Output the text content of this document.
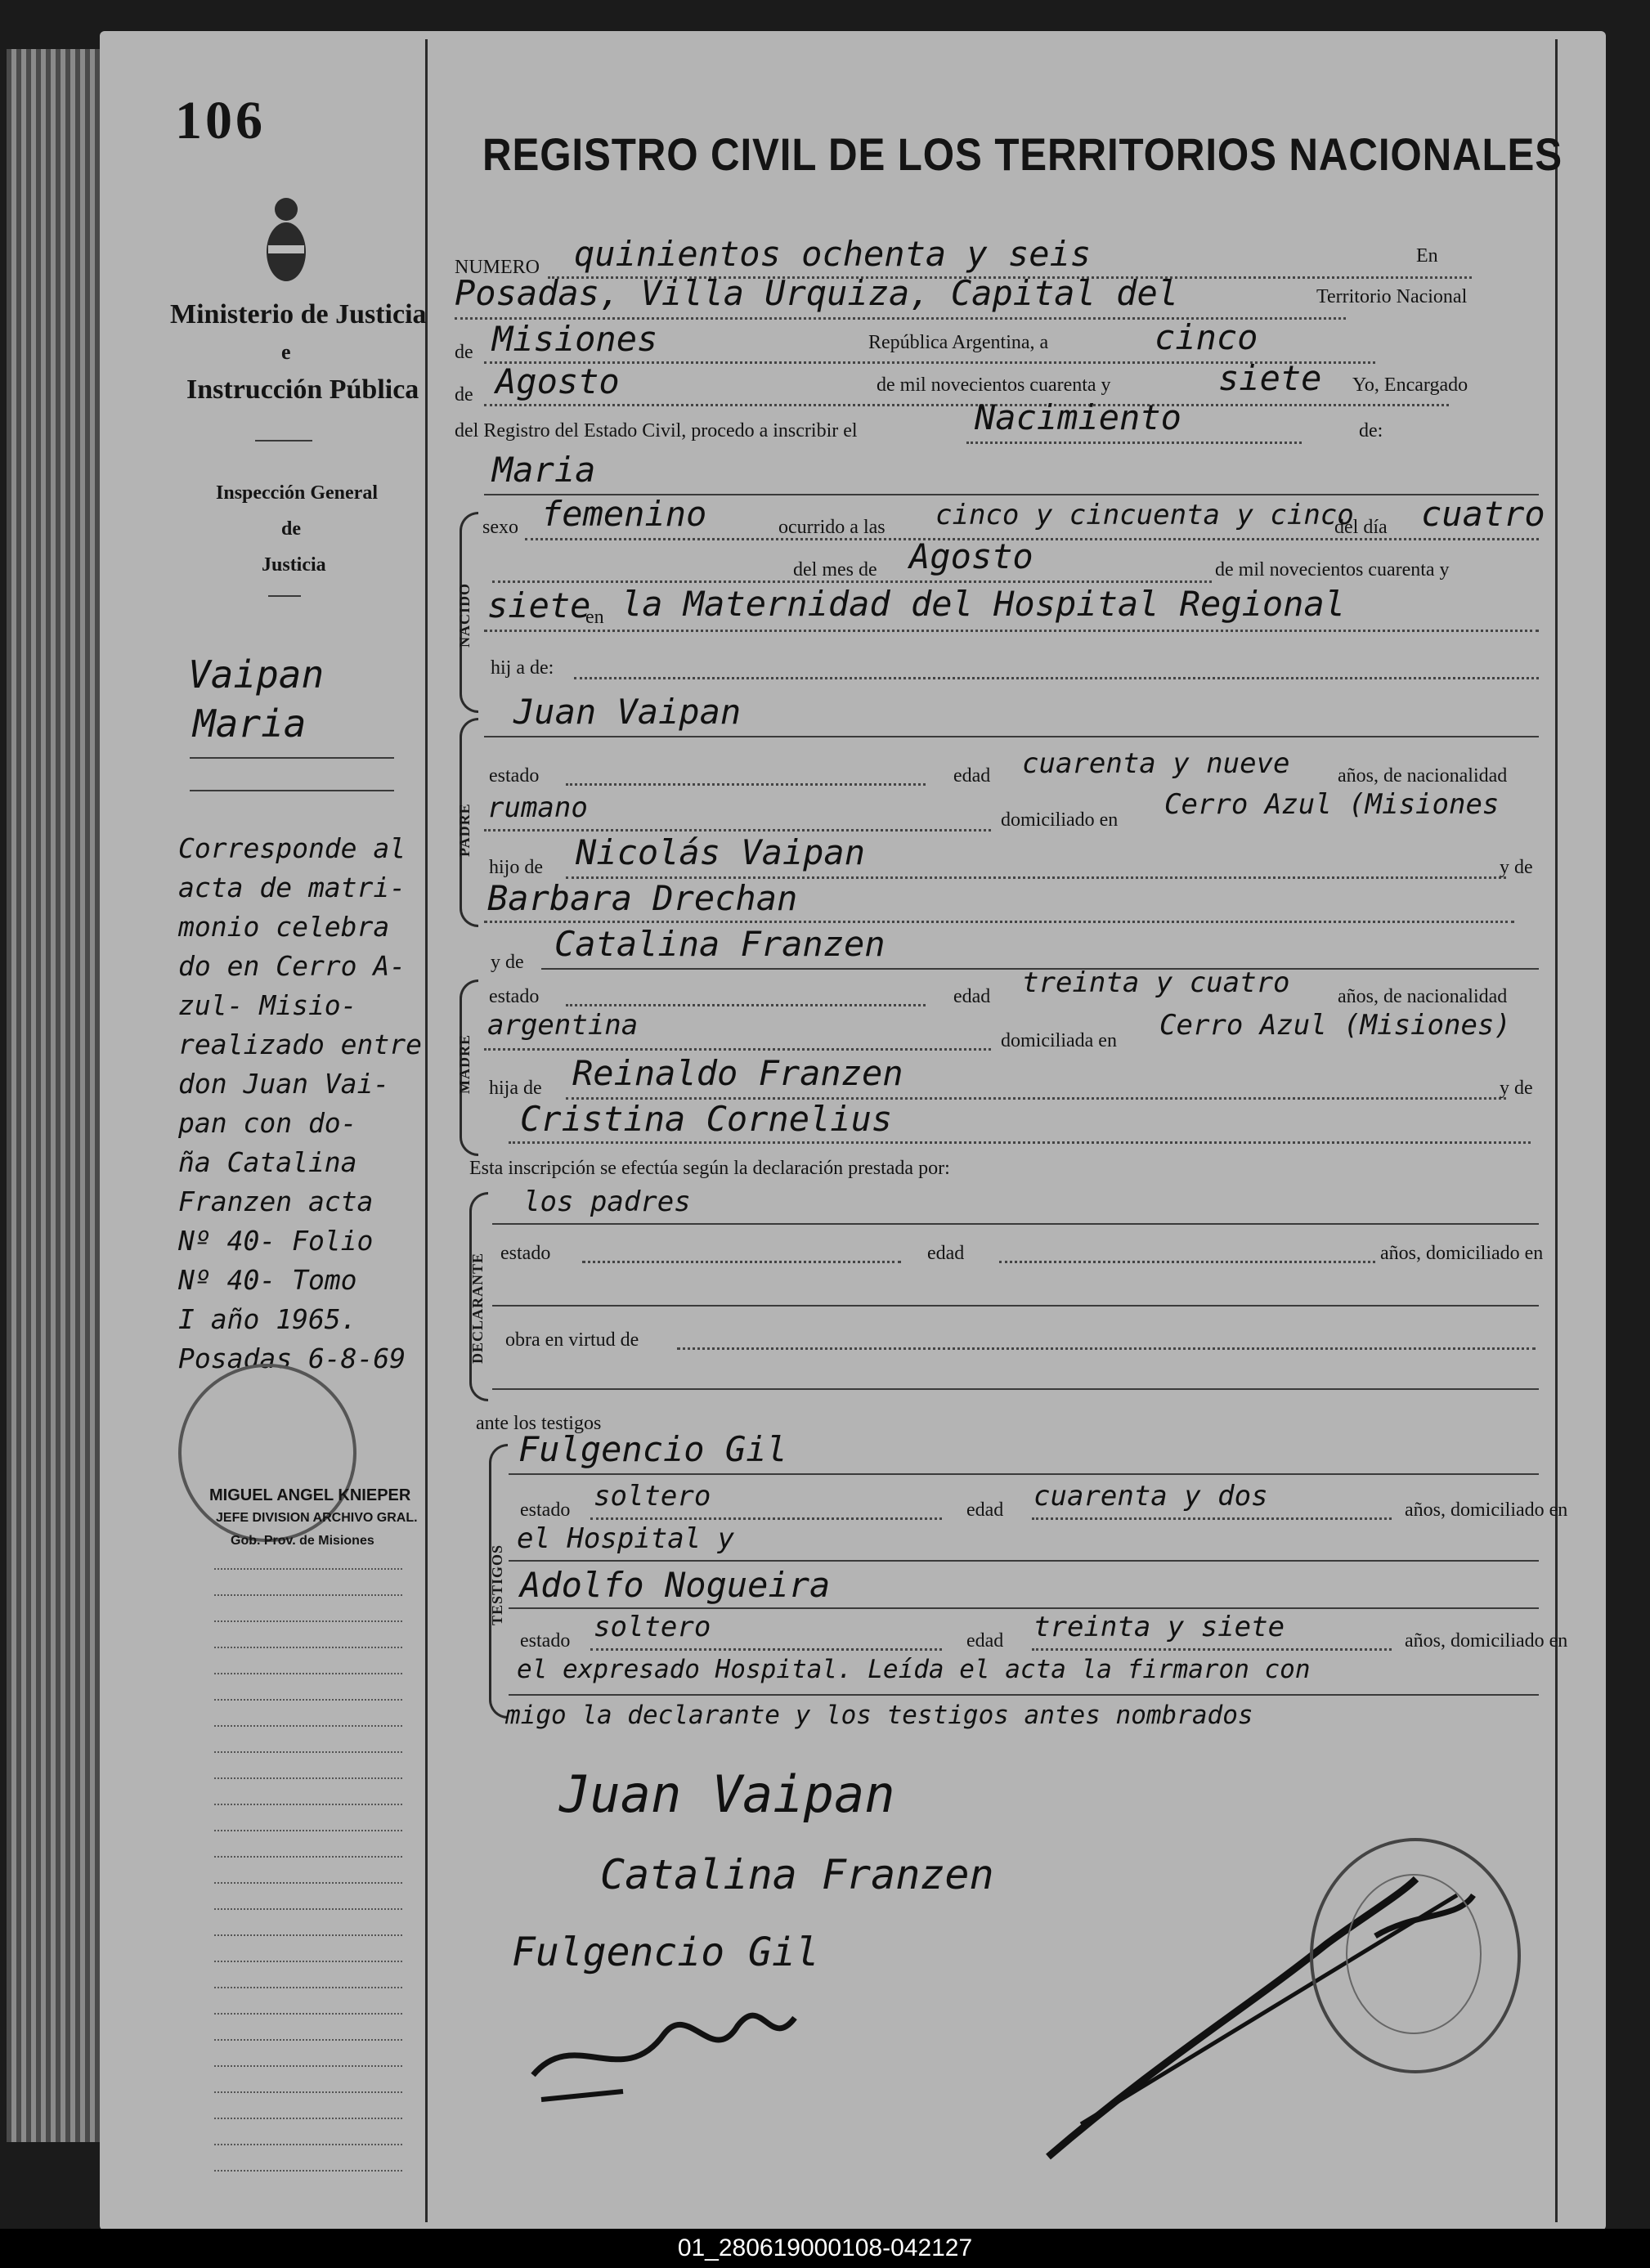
106
Ministerio de Justicia
e
Instrucción Pública
Inspección General
de
Justicia
Vaipan
Maria
Corresponde al
acta de matri-
monio celebra
do en Cerro A-
zul- Misio-
realizado entre
don Juan Vai-
pan con do-
ña Catalina
Franzen acta
Nº 40- Folio
Nº 40- Tomo
I año 1965.
Posadas 6-8-69
MIGUEL ANGEL KNIEPER
JEFE DIVISION ARCHIVO GRAL.
Gob. Prov. de Misiones
REGISTRO CIVIL DE LOS TERRITORIOS NACIONALES
NUMERO quinientos ochenta y seis	En
Posadas, Villa Urquiza, Capital del	Territorio Nacional
de Misiones	República Argentina, a	cinco
de Agosto	de mil novecientos cuarenta y	siete Yo, Encargado
del Registro del Estado Civil, procedo a inscribir el	Nacimiento	de:
Maria
NACIDO
sexo femenino	ocurrido a las cinco y cincuenta y cinco
del día cuatro
del mes de Agosto	de mil novecientos cuarenta y
siete
en la Maternidad del Hospital Regional
hij a de:
PADRE
Juan Vaipan
estado	edad cuarenta y nueve años, de nacionalidad
rumano	domiciliado en Cerro Azul (Misiones
hijo de Nicolás Vaipan	y de
Barbara Drechan
y de Catalina Franzen
MADRE
estado	edad treinta y cuatro años, de nacionalidad
argentina	domiciliada en Cerro Azul (Misiones)
hija de Reinaldo Franzen	y de
Cristina Cornelius
Esta inscripción se efectúa según la declaración prestada por:
DECLARANTE
los padres
estado	edad	años, domiciliado en
obra en virtud de
ante los testigos
TESTIGOS
Fulgencio Gil
estado soltero	edad cuarenta y dos	años, domiciliado en
el Hospital y
Adolfo Nogueira
estado soltero	edad treinta y siete	años, domiciliado en
el expresado Hospital. Leída el acta la firmaron con
migo la declarante y los testigos antes nombrados
Juan Vaipan
Catalina Franzen
Fulgencio Gil
01_280619000108-042127
